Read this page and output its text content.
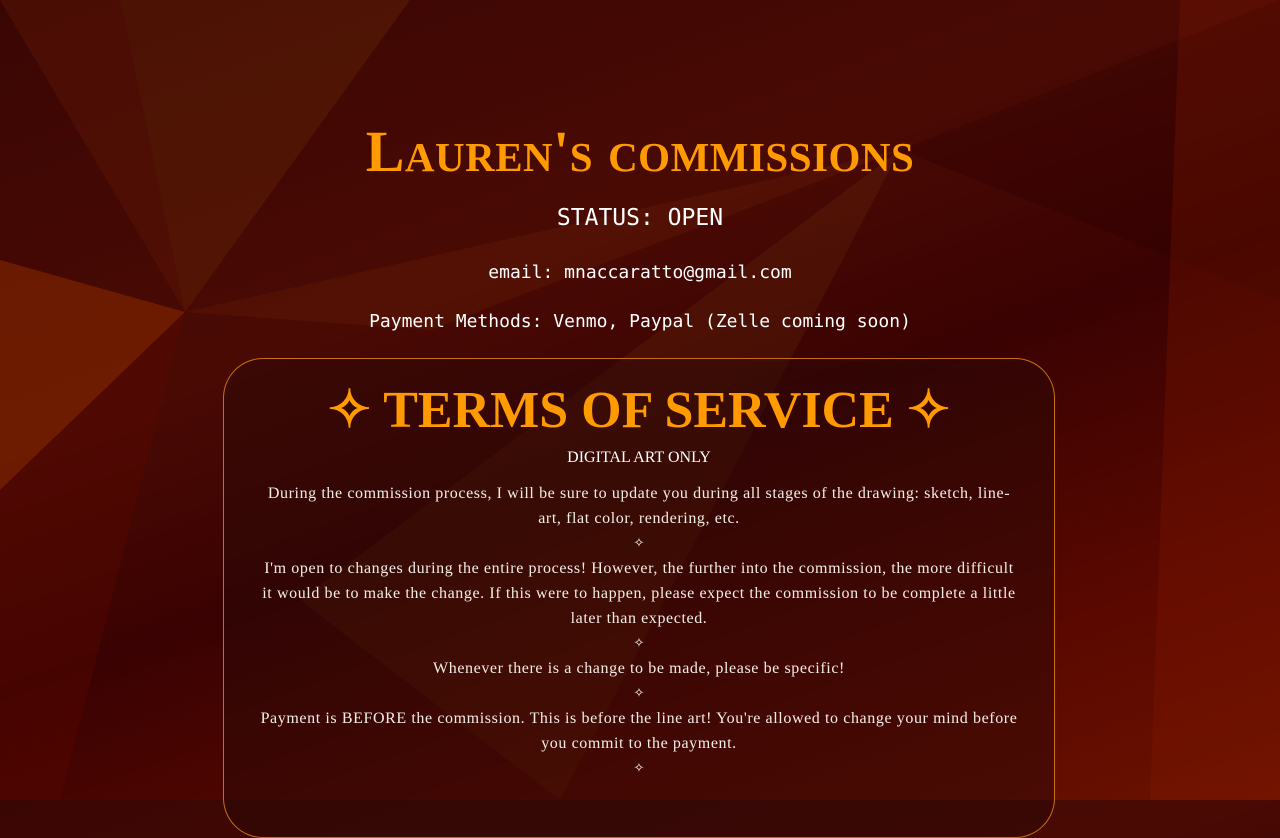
Lauren's commissions
STATUS: OPEN
email: mnaccaratto@gmail.com
Payment Methods: Venmo, Paypal (Zelle coming soon)
✧ TERMS OF SERVICE ✧
DIGITAL ART ONLY

During the commission process, I will be sure to update you during all stages of the drawing: sketch, line-art, flat color, rendering, etc.

✧

I'm open to changes during the entire process! However, the further into the commission, the more difficult it would be to make the change. If this were to happen, please expect the commission to be complete a little later than expected.

✧

Whenever there is a change to be made, please be specific!

✧

Payment is BEFORE the commission. This is before the line art! You're allowed to change your mind before you commit to the payment.

✧
